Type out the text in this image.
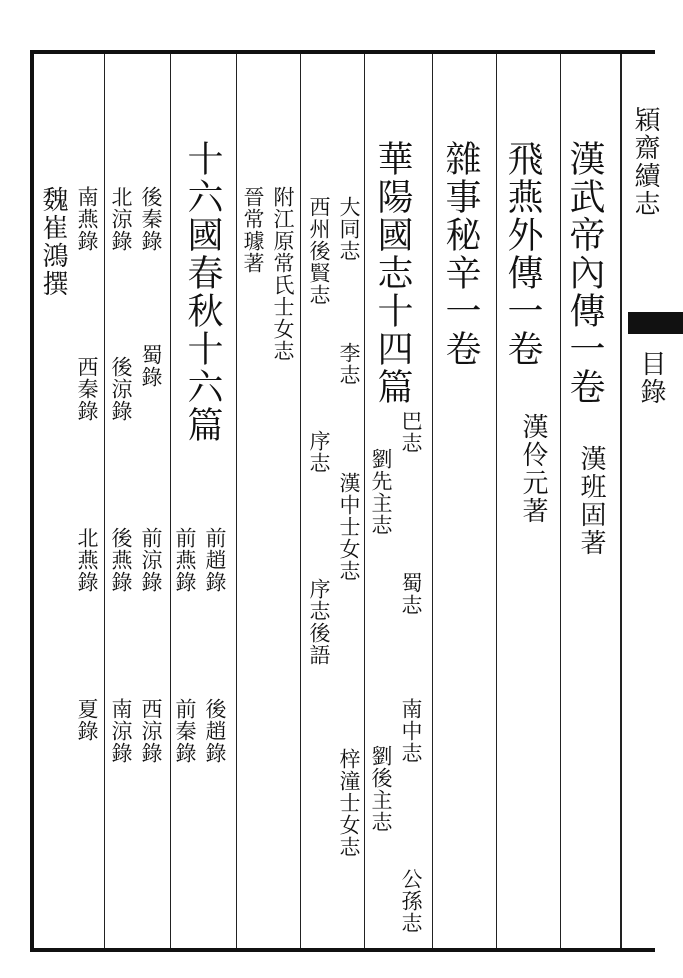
㯋齋續志
目錄
漢武帝內傳一卷
漢班固著
飛燕外傳一卷
漢伶元著
雜事秘辛一卷
華陽國志十四篇
巴志
蜀志
南中志
公孫志
劉先主志
劉後主志
大同志
李志
漢中士女志
梓潼士女志
西州後賢志
序志
序志後語
附江原常氏士女志
晉常璩著
十六國春秋十六篇
前趙錄
後趙錄
前燕錄
前秦錄
後秦錄
蜀錄
前涼錄
西涼錄
北涼錄
後涼錄
後燕錄
南涼錄
南燕錄
西秦錄
北燕錄
夏錄
魏崔鴻撰
